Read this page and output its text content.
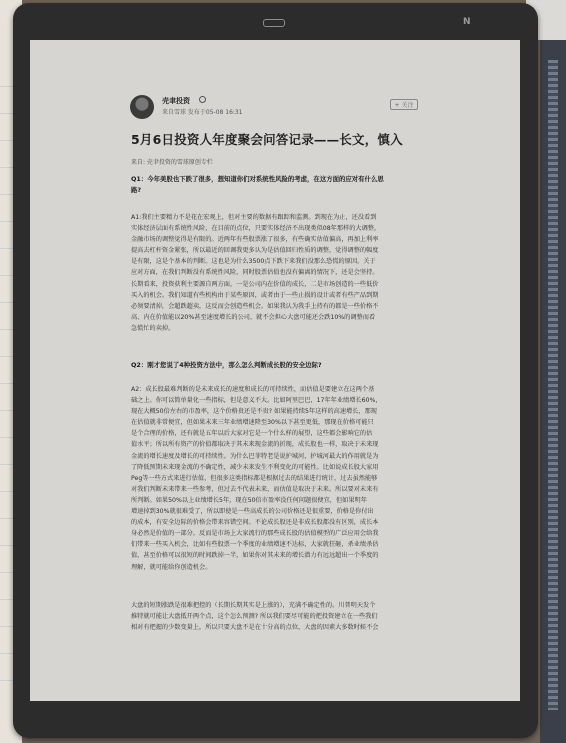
N
壳聿投资
来自雪球 发布于05-08 16:31
+ 关注
5月6日投资人年度聚会问答记录——长文，慎入
来自: 壳聿投资的雪球原创专栏
Q1：今年美股也下跌了很多，想知道你们对系统性风险的考虑，在这方面的应对有什么思
路?
A1:我们主要精力不是花在宏观上，但对主要的数据有跟踪和监测。到现在为止，还没看到
实体经济层面有系统性风险，在目前的点位，只要实体经济不出现类似08年那样的大调整，
金融市场的调整觉得是有限的。近两年有些股票涨了很多，有些确实估值偏高，再加上利率
提高去杠杆资金紧张，所以最近的回调我更多认为是估值回归性质的调整，觉得调整的幅度
是有限，这是个基本的判断。这也是为什么3500点下跌下来我们没那么恐慌的原因。关于
应对方面，在我们判断没有系统性风险，同时股票估值也没有偏离的情况下，还是会坚持。
长期看来，投资获利主要源自两方面，一是公司内在价值的成长，二是市场创造的一些低价
买入的机会。我们知道有些机构由于某些原因，或者由于一些止损的设计或者有些产品到期
必须要清掉，会超跌超卖，这反而会创造些机会。如果我认为我手上持有的都是一些价格不
高、内在价值能以20%甚至速度增长的公司，就不会担心大盘可能还会跌10%的调整而看
急慌忙的卖掉。
Q2：刚才您说了4种投资方法中，那么怎么判断成长股的安全边际?
A2：成长股最难判断的是未来成长的速度和成长的可持续性，而估值是要建立在这两个基
础之上。你可以简单量化一些指标，但是意义不大。比如阿里巴巴，17年年业绩增长60%，
现在大概50倍左右的市盈率，这个价格贵还是不贵? 如果能持续5年这样的高速增长，那现
在估值就非常便宜，但如果未来三年业绩增速降至30%以下甚至更低，那现在价格可能只
是个合理的价格，还有就是五年以后大家对它是一个什么样的展望，这些都会影响它的估
值水平；所以所有资产的价值都取决于其未来现金流的折现，成长股也一样，取决于未来现
金流的增长速度及增长的可持续性。为什么巴菲特老是说护城河，护城河最大的作用就是为
了降低预期未来现金流的不确定性，减少未来发生不利变化的可能性。比如说成长股大家用
Peg等一些方式来进行估值，但很多这类指标都是根据过去的结果进行统计，过去虽然能够
对我们判断未来带来一些参考，但过去不代表未来，而估值是取决于未来。所以要对未来有
所判断。如果50%以上业绩增长5年，现在50倍市盈率没任何问题很便宜，但如果明年
增速掉到30%就很难受了，所以即使是一些高成长的公司价格还是很重要，价格是你付出
的成本，有安全边际的价格会带来容错空间。不论成长股还是非成长股都没有区别，成长本
身必然是价值的一部分。反而是市场上大家流行的那些成长股的估值模型的广泛应用会给我
们带来一些买入机会，比如有些股票一个季度的业绩增速不达标，大家就狂砸，杀业绩杀估
值，甚至价格可以很短的时间跌掉一半，如果你对其未来的增长潜力有远远超出一个季度的
理解，就可能给你创造机会。
大盘的短期涨跌是很难把控的（长期长期其实是上涨的），充满不确定性的。川普明天发个
推特就可能让大盘抵开两个点，这个怎么预测? 所以我们要尽可能的把投资建立在一些我们
相对有把握的少数变量上，所以只要大盘不是在十分高的点位，大盘的因素大多数时候不会
